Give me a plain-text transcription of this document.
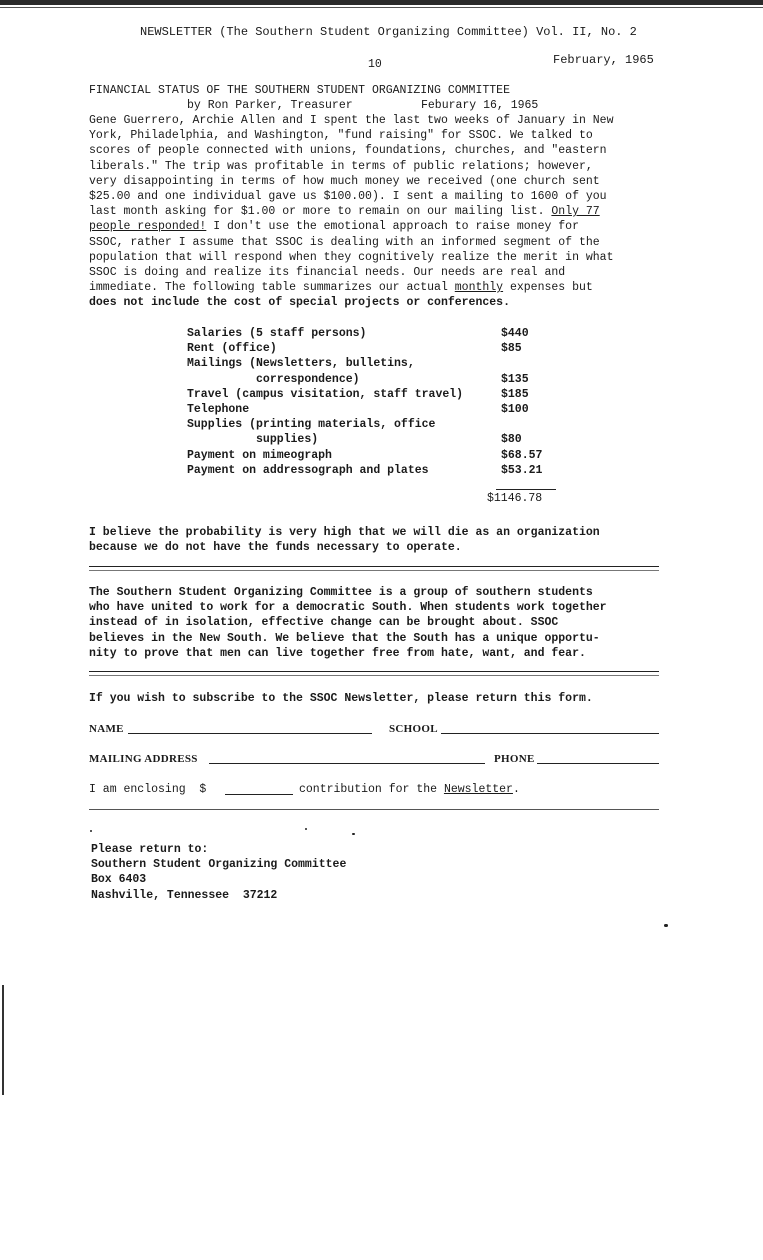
NEWSLETTER (The Southern Student Organizing Committee) Vol. II, No. 2
10	February, 1965
FINANCIAL STATUS OF THE SOUTHERN STUDENT ORGANIZING COMMITTEE
by Ron Parker, Treasurer	Feburary 16, 1965
Gene Guerrero, Archie Allen and I spent the last two weeks of January in New
York, Philadelphia, and Washington, "fund raising" for SSOC. We talked to
scores of people connected with unions, foundations, churches, and "eastern
liberals." The trip was profitable in terms of public relations; however,
very disappointing in terms of how much money we received (one church sent
$25.00 and one individual gave us $100.00). I sent a mailing to 1600 of you
last month asking for $1.00 or more to remain on our mailing list. Only 77
people responded! I don't use the emotional approach to raise money for
SSOC, rather I assume that SSOC is dealing with an informed segment of the
population that will respond when they cognitively realize the merit in what
SSOC is doing and realize its financial needs. Our needs are real and
immediate. The following table summarizes our actual monthly expenses but
does not include the cost of special projects or conferences.
Salaries (5 staff persons)	$440
Rent (office)	$85
Mailings (Newsletters, bulletins,
correspondence)	$135
Travel (campus visitation, staff travel)	$185
Telephone	$100
Supplies (printing materials, office
supplies)	$80
Payment on mimeograph	$68.57
Payment on addressograph and plates	$53.21
$1146.78
I believe the probability is very high that we will die as an organization
because we do not have the funds necessary to operate.
The Southern Student Organizing Committee is a group of southern students
who have united to work for a democratic South. When students work together
instead of in isolation, effective change can be brought about. SSOC
believes in the New South. We believe that the South has a unique opportu-
nity to prove that men can live together free from hate, want, and fear.
If you wish to subscribe to the SSOC Newsletter, please return this form.
NAME	SCHOOL
MAILING ADDRESS	PHONE
I am enclosing  $	contribution for the Newsletter.
Please return to:
Southern Student Organizing Committee
Box 6403
Nashville, Tennessee  37212
